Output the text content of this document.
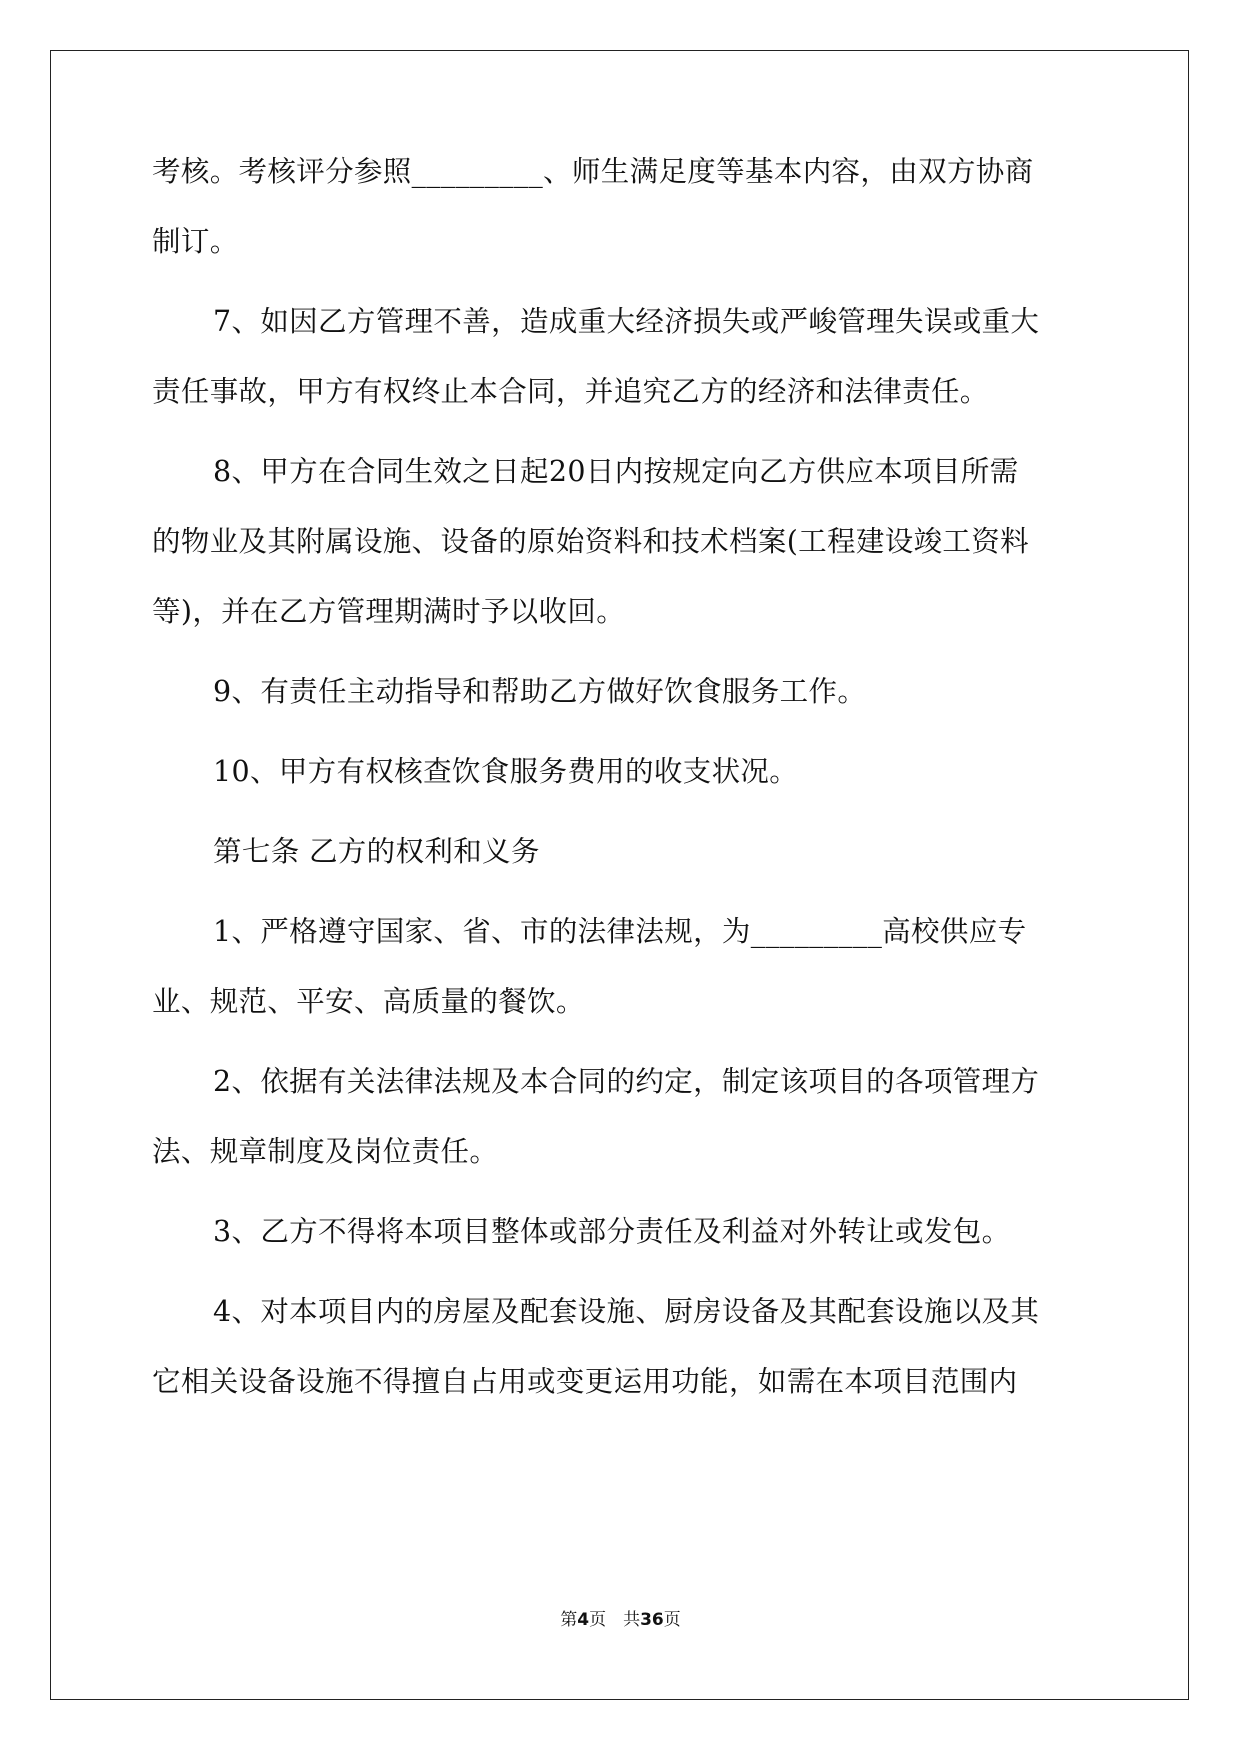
考核。考核评分参照_________、师生满足度等基本内容，由双方协商
制订。
7、如因乙方管理不善，造成重大经济损失或严峻管理失误或重大
责任事故，甲方有权终止本合同，并追究乙方的经济和法律责任。
8、甲方在合同生效之日起20日内按规定向乙方供应本项目所需
的物业及其附属设施、设备的原始资料和技术档案(工程建设竣工资料
等)，并在乙方管理期满时予以收回。
9、有责任主动指导和帮助乙方做好饮食服务工作。
10、甲方有权核查饮食服务费用的收支状况。
第七条 乙方的权利和义务
1、严格遵守国家、省、市的法律法规，为_________高校供应专
业、规范、平安、高质量的餐饮。
2、依据有关法律法规及本合同的约定，制定该项目的各项管理方
法、规章制度及岗位责任。
3、乙方不得将本项目整体或部分责任及利益对外转让或发包。
4、对本项目内的房屋及配套设施、厨房设备及其配套设施以及其
它相关设备设施不得擅自占用或变更运用功能，如需在本项目范围内
第4页　共36页
